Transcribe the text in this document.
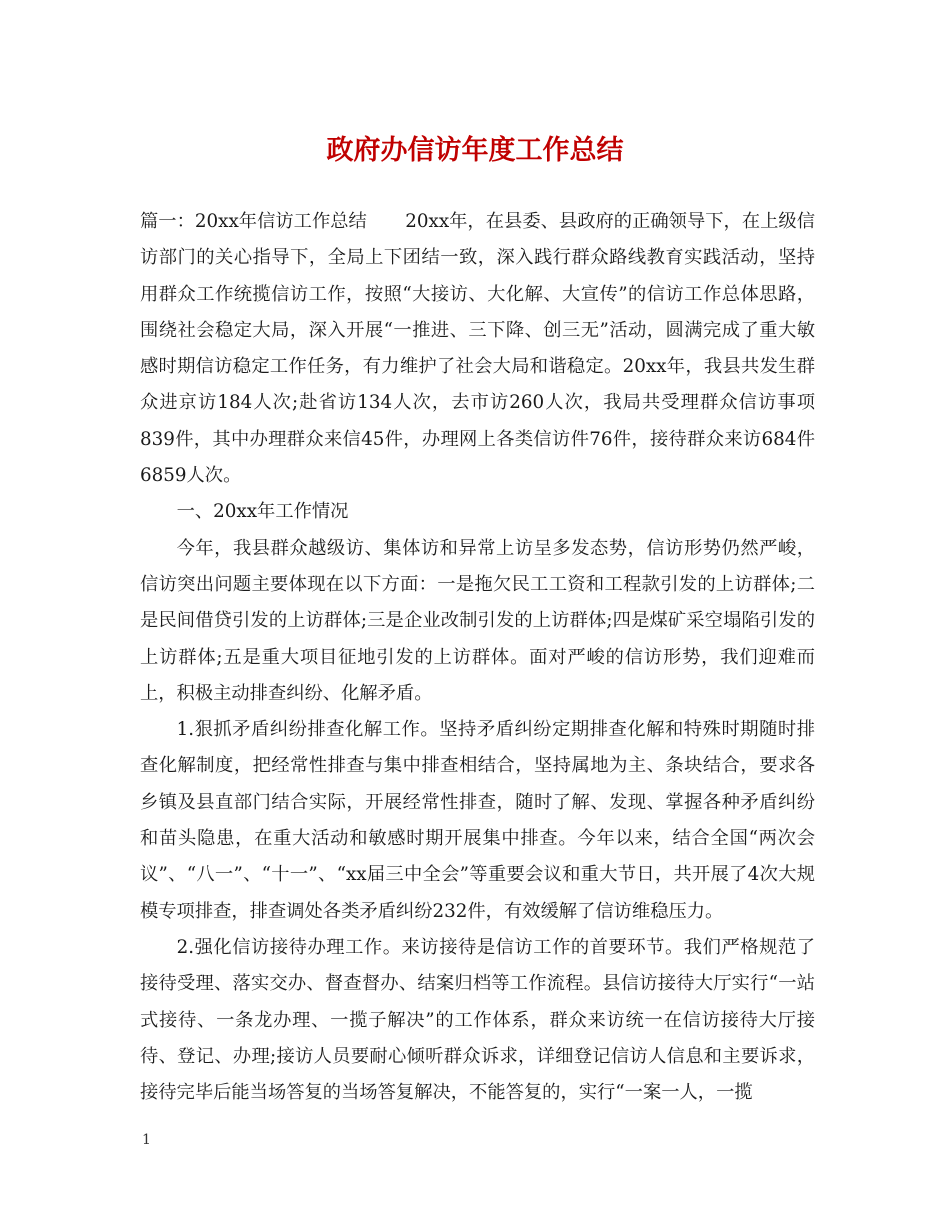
政府办信访年度工作总结

篇一：20xx年信访工作总结 20xx年，在县委、县政府的正确领导下，在上级信访部门的关心指导下，全局上下团结一致，深入践行群众路线教育实践活动，坚持用群众工作统揽信访工作，按照“大接访、大化解、大宣传”的信访工作总体思路，围绕社会稳定大局，深入开展“一推进、三下降、创三无”活动，圆满完成了重大敏感时期信访稳定工作任务，有力维护了社会大局和谐稳定。20xx年，我县共发生群众进京访184人次;赴省访134人次，去市访260人次，我局共受理群众信访事项 839件，其中办理群众来信45件，办理网上各类信访件76件，接待群众来访684件6859人次。

一、20xx年工作情况

今年，我县群众越级访、集体访和异常上访呈多发态势，信访形势仍然严峻，信访突出问题主要体现在以下方面：一是拖欠民工工资和工程款引发的上访群体;二是民间借贷引发的上访群体;三是企业改制引发的上访群体;四是煤矿采空塌陷引发的上访群体;五是重大项目征地引发的上访群体。面对严峻的信访形势，我们迎难而上，积极主动排查纠纷、化解矛盾。

1.狠抓矛盾纠纷排查化解工作。坚持矛盾纠纷定期排查化解和特殊时期随时排查化解制度，把经常性排查与集中排查相结合，坚持属地为主、条块结合，要求各乡镇及县直部门结合实际，开展经常性排查，随时了解、发现、掌握各种矛盾纠纷和苗头隐患，在重大活动和敏感时期开展集中排查。今年以来，结合全国“两次会议”、“八一”、“十一”、“xx届三中全会”等重要会议和重大节日，共开展了4次大规模专项排查，排查调处各类矛盾纠纷232件，有效缓解了信访维稳压力。

2.强化信访接待办理工作。来访接待是信访工作的首要环节。我们严格规范了接待受理、落实交办、督查督办、结案归档等工作流程。县信访接待大厅实行“一站式接待、一条龙办理、一揽子解决”的工作体系，群众来访统一在信访接待大厅接待、登记、办理;接访人员要耐心倾听群众诉求，详细登记信访人信息和主要诉求，接待完毕后能当场答复的当场答复解决，不能答复的，实行“一案一人，一揽

1
